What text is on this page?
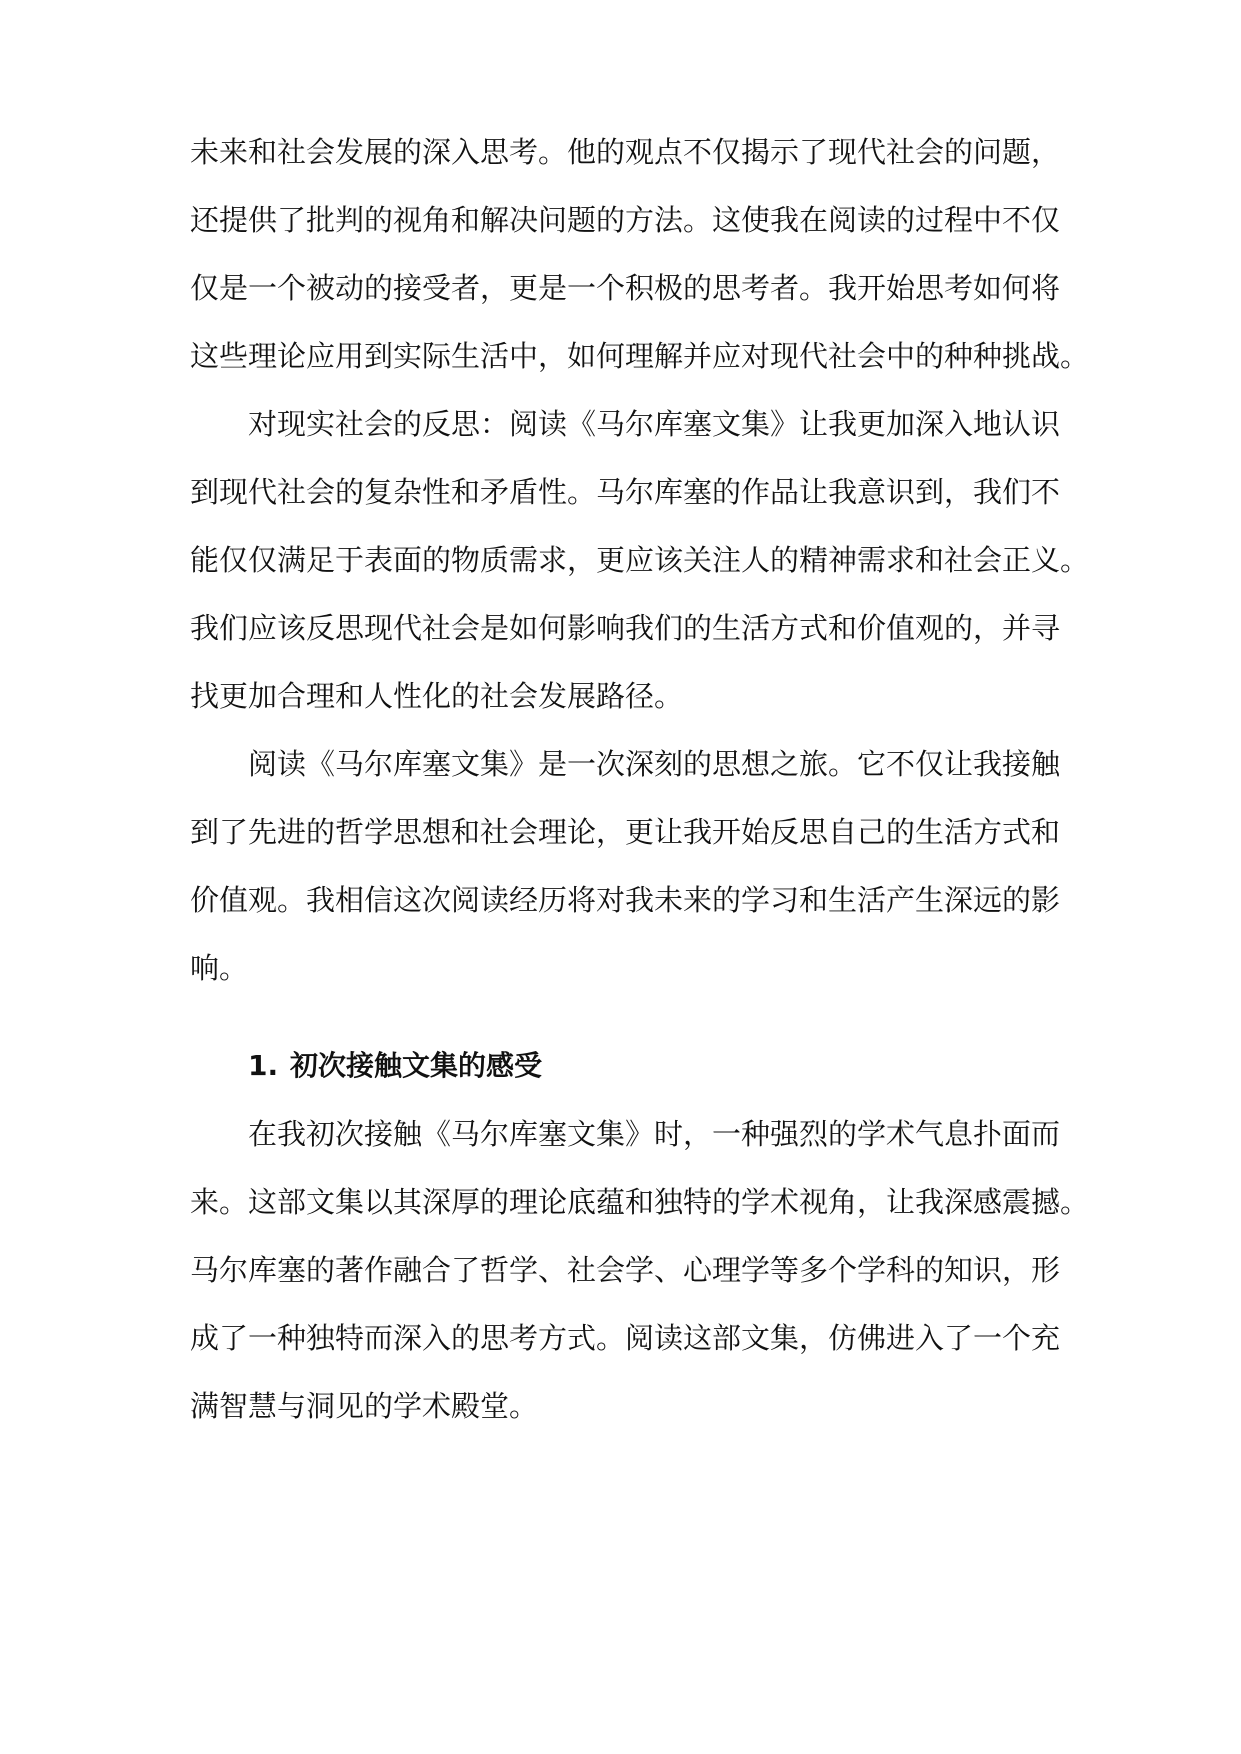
未来和社会发展的深入思考。他的观点不仅揭示了现代社会的问题，
还提供了批判的视角和解决问题的方法。这使我在阅读的过程中不仅
仅是一个被动的接受者，更是一个积极的思考者。我开始思考如何将
这些理论应用到实际生活中，如何理解并应对现代社会中的种种挑战。
对现实社会的反思：阅读《马尔库塞文集》让我更加深入地认识
到现代社会的复杂性和矛盾性。马尔库塞的作品让我意识到，我们不
能仅仅满足于表面的物质需求，更应该关注人的精神需求和社会正义。
我们应该反思现代社会是如何影响我们的生活方式和价值观的，并寻
找更加合理和人性化的社会发展路径。
阅读《马尔库塞文集》是一次深刻的思想之旅。它不仅让我接触
到了先进的哲学思想和社会理论，更让我开始反思自己的生活方式和
价值观。我相信这次阅读经历将对我未来的学习和生活产生深远的影
响。
1. 初次接触文集的感受
在我初次接触《马尔库塞文集》时，一种强烈的学术气息扑面而
来。这部文集以其深厚的理论底蕴和独特的学术视角，让我深感震撼。
马尔库塞的著作融合了哲学、社会学、心理学等多个学科的知识，形
成了一种独特而深入的思考方式。阅读这部文集，仿佛进入了一个充
满智慧与洞见的学术殿堂。
